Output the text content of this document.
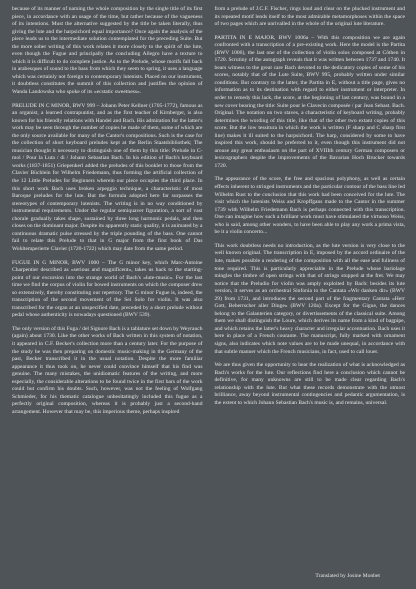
because of its manner of naming the whole composition by the single title of its first piece, in accordance with an usage of the time, but rather because of the vagueness of its intentions. Must the alternative suggested by the title be taken literally, thus giving the lute and the harpsichord equal importance? Once again the analysis of the piece leads us to the intermediate solution contemplated for the preceding Suite. But the more sober writing of this work relates it more closely to the spirit of the lute, even though the Fugue and principally the concluding Allegro have a texture to which it is difficult to do complete justice. As to the Prelude, whose motifs fall back in arabesques of sound to the bass from which they seem to spring, it uses a language which was certainly not foreign to contemporary lutenists. Placed on our instrument, it doubtless constitutes the summit of this collection and justifies the opinion of Wanda Landowska who spoke of its «ecstatic sweetness».

PRELUDE IN C MINOR, BWV 999 – Johann Peter Kellner (1705-1772), famous as an organist, a learned contrapuntist, and as the first teacher of Kirnberger, is also known for his friendly relations with Handel and Bach. His admiration for the latter's work may be seen through the number of copies he made of them, some of which are the only source available for many of the Cantor's compositions. Such is the case for the collection of short keyboard preludes kept at the Berlin Staatsbibliothek; The musician thought it necessary to distinguish one of them by this title: Prelude in C-mol / Pour la Luta / di / Johann Sebastian Bach. In his edition of Bach's keyboard works (1837-1851) Griepenkerl added the preludes of this booklet to those from the Clavier Büchlein for Wilhelm Friedemann, thus forming the artificial collection of the 12 Little Preludes for Beginners wherein our piece occupies the third place. In this short work Bach uses broken arpeggio technique, a characteristic of most Baroque preludes for the lute. But the formula adopted here far surpasses the stereotypes of contemporary lutenists. The writing is in no way conditioned by instrumental requirements. Under the regular semiquaver figuration, a sort of vast chorale gradually takes shape, sustained by three long harmonic pedals, and then closes on the dominant major. Despite its apparently static quality, it is animated by a continuous dramatic pulse stressed by the triple pounding of the bass. One cannot fail to relate this Prelude to that in G major from the first book of Das Wohltemperierte Clavier (1720-1722) which may date from the same period.

FUGUE IN G MINOR, BWV 1000 – The G minor key, which Marc-Antoine Charpentier described as «serious and magnificent», takes us back to the starting-point of our excursion into the strange world of Bach's «lute-music». For the last time we find the corpus of violin for bowed instruments on which the composer drew so extensively, thereby constituting our repertory. The G minor Fugue is, indeed, the transcription of the second movement of the Sei Solo for violin. It was also transcribed for the organ at an unspecified date, preceded by a short prelude without pedal whose authenticity is nowadays questioned (BWV 539).

The only version of this Fuga / del Signore Bach is a tablature set down by Weyrauch (again) about 1730. Like the other works of Bach written in this system of notation, it appeared in C.F. Becker's collection more than a century later. For the purpose of the study he was then preparing on domestic music-making in the Germany of the past, Becker transcribed it in the usual notation. Despite the more familiar appearance it thus took on, he never could convince himself that his find was genuine. The many mistakes, the unidiomatic features of the writing, and more especially, the considerable alterations to be found twice in the first bars of the work could but confirm his doubts. Such, however, was not the feeling of Wolfgang Schmieder, for his thematic catalogue unhesitatingly included this fugue as a perfectly original composition, whereas it is probably just a second-hand arrangement. However that may be, this imperious theme, perhaps inspired

from a prelude of J.C.F. Fischer, rings loud and clear on the plucked instrument and its repeated motif lends itself to the most admirable metamorphoses within the space of two pages which are unrivalled in the whole of the original lute literature.

PARTITA IN E MAJOR, BWV 1006a – With this composition we are again confronted with a transcription of a pre-existing work. Here the model is the Partita (BWV 1006), the last one of the collection of violin solos composed at Cöthen in 1720. Scrutiny of the autograph reveals that it was written between 1737 and 1740. It bears witness to the great care Bach devoted to the dedicatory copies of some of his scores, notably that of the Lute Suite, BWV 995, probably written under similar conditions. But contrary to the latter, the Partita in E, without a title page, gives no information as to its destination with regard to either instrument or interpreter. In order to remedy this lack, the score, at the beginning of last century, was bound in a new cover bearing the title: Suite pour le Clavecin composée / par Jean Sebast. Bach. Original. The notation on two staves, a characteristic of keyboard writing, probably determines the wording of this title, like that of the other two extant copies of this score. But the low tessitura in which the work is written (F sharp and C sharp first line) makes it ill suited to the harpsichord. The harp, considered by some to have inspired this work, should be preferred to it, even though this instrument did not arouse any great enthusiasm on the part of XVIIIth century German composers or lexicographers despite the improvements of the Bavarian Hoch Brucker towards 1720.

The appearance of the score, the free and spacious polyphony, as well as certain effects inherent to stringed instruments and the particular contour of the bass line led Wilhelm Rust to the conclusion that this work had been conceived for the lute. The visit which the lutenists Weiss and Kropffgans made to the Cantor in the summer 1739 with Wilhelm Friedemann Bach is perhaps connected with this transcription. One can imagine how such a brilliant work must have stimulated the virtuoso Weiss, who is said, among other wonders, to have been able to play any work a prima vista, be it a violin concerto...

This work doubtless needs no introduction, as the lute version is very close to the well known original. The transcription in E, imposed by the accord ordinaire of the lute, makes possible a rendering of the composition with all the ease and fullness of tone required. This is particularly appreciable in the Prelude whose bariolage mingles the timbre of open strings with that of strings stopped at the fret. We may notice that the Preludio for violin was amply exploited by Bach: besides its lute version, it serves as an orchestral Sinfonia to the Cantata «Wir danken dir» (BWV 29) from 1731, and introduces the second part of the fragmentary Cantata «Herr Gott, Beherrscher aller Dinge» (BWV 120a). Except for the Gigue, the dances belong to the Galanterien category, or divertissements of the classical suite. Among them we shall distinguish the Loure, which derives its name from a kind of bagpipe, and which retains the latter's heavy character and irregular accentuation. Bach uses it here in place of a French courante. The manuscript, fully marked with ornament signs, also indicates which note values are to be made unequal, in accordance with that subtle manner which the French musicians, in fact, used to call louer.

We are thus given the opportunity to hear the realization of what is acknowledged as Bach's works for the lute. Our reflections find here a conclusion which cannot be definitive, for many unknowns are still to be made clear regarding Bach's relationship with the lute. But what these records demonstrate with the utmost brilliance, away beyond instrumental contingencies and pedantic argumentation, is the extent to which Johann Sebastian Bach's music is, and remains, universal.

Translated by Josine Monbet
